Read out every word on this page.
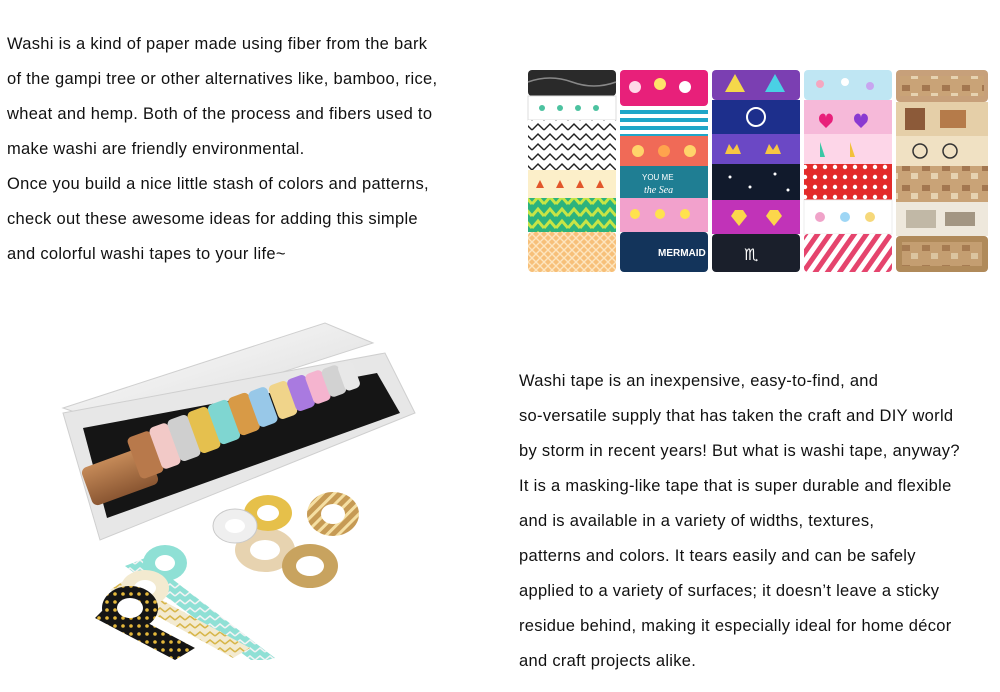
Washi is a kind of paper made using fiber from the bark
of the gampi tree or other alternatives like, bamboo, rice,
wheat and hemp. Both of the process and fibers used to
make washi are friendly environmental.
Once you build a nice little stash of colors and patterns,
check out these awesome ideas for adding this simple
and colorful washi tapes to your life~
Washi tape is an inexpensive, easy-to-find, and
so-versatile supply that has taken the craft and DIY world
by storm in recent years! But what is washi tape, anyway?
It is a masking-like tape that is super durable and flexible
and is available in a variety of widths, textures,
patterns and colors. It tears easily and can be safely
applied to a variety of surfaces; it doesn’t leave a sticky
residue behind, making it especially ideal for home décor
and craft projects alike.
YOU ME
the Sea
MERMAID ♏
